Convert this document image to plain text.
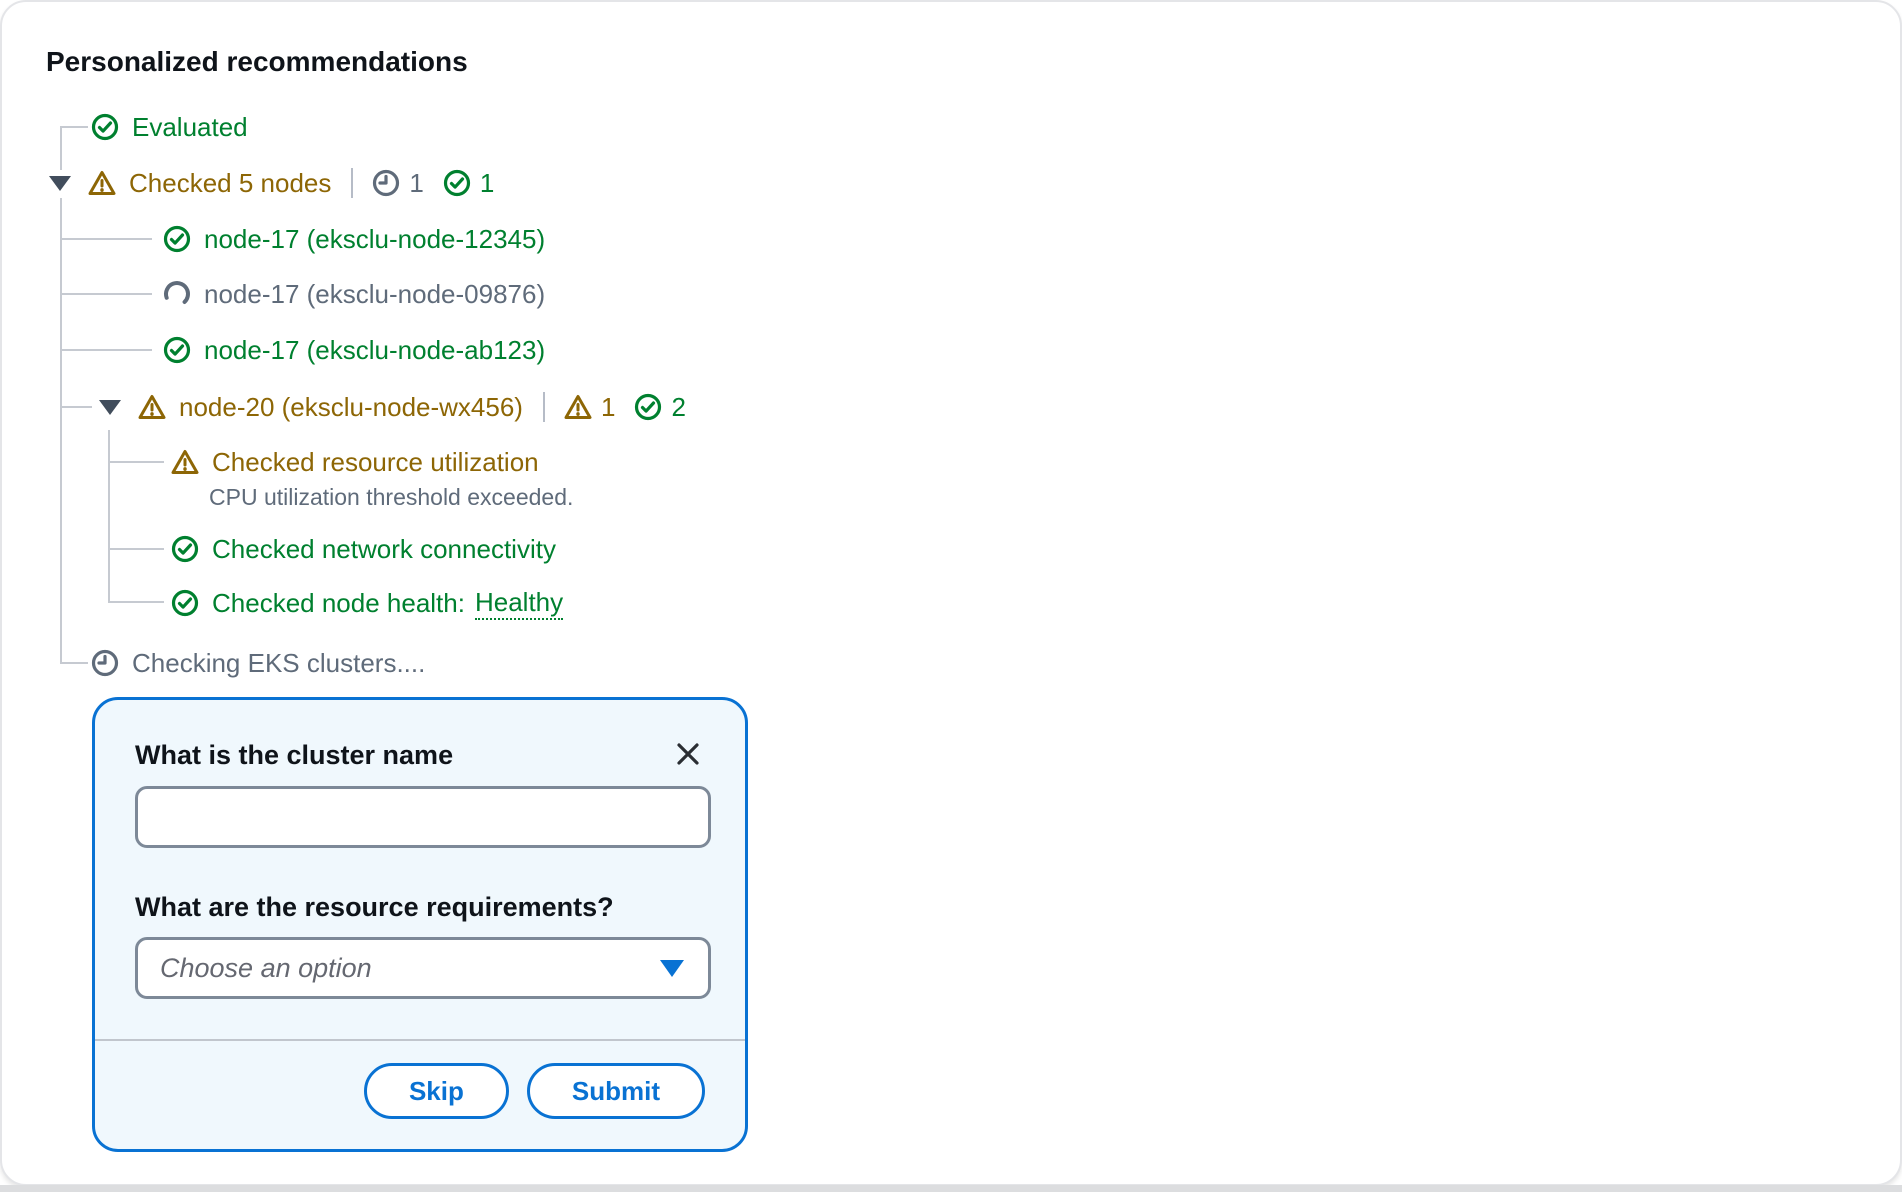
Personalized recommendations
Evaluated
Checked 5 nodes	1 1
node-17 (eksclu-node-12345)
node-17 (eksclu-node-09876)
node-17 (eksclu-node-ab123)
node-20 (eksclu-node-wx456)	1 2
Checked resource utilization
CPU utilization threshold exceeded.
Checked network connectivity
Checked node health: Healthy
Checking EKS clusters....
What is the cluster name
What are the resource requirements?
Choose an option
Skip	Submit
